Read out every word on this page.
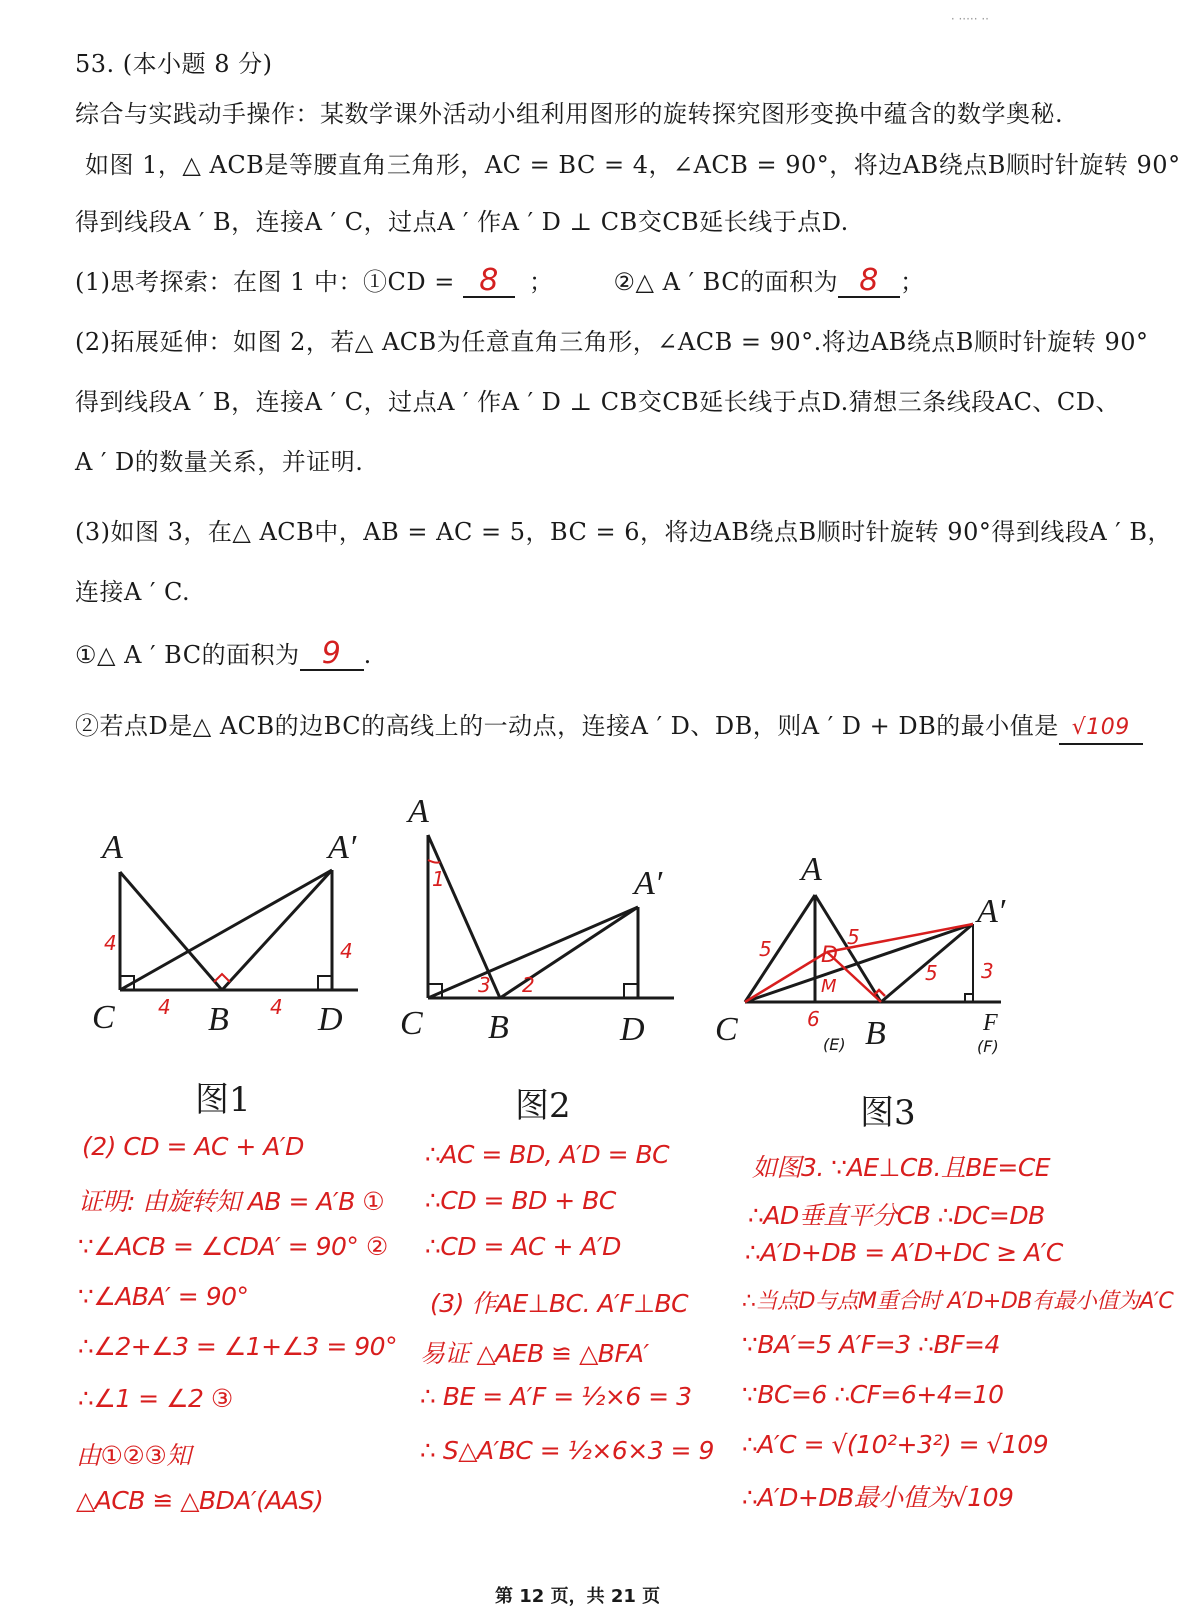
· ····· ··
53. (本小题 8 分)
综合与实践动手操作：某数学课外活动小组利用图形的旋转探究图形变换中蕴含的数学奥秘.
如图 1，△ ACB是等腰直角三角形，AC = BC = 4，∠ACB = 90°，将边AB绕点B顺时针旋转 90°
得到线段A ′ B，连接A ′ C，过点A ′ 作A ′ D ⊥ CB交CB延长线于点D.
(1)思考探索：在图 1 中：①CD = 8 ；	②△ A ′ BC的面积为 8 ；
(2)拓展延伸：如图 2，若△ ACB为任意直角三角形，∠ACB = 90°.将边AB绕点B顺时针旋转 90°
得到线段A ′ B，连接A ′ C，过点A ′ 作A ′ D ⊥ CB交CB延长线于点D.猜想三条线段AC、CD、
A ′ D的数量关系，并证明.
(3)如图 3，在△ ACB中，AB = AC = 5，BC = 6，将边AB绕点B顺时针旋转 90°得到线段A ′ B，
连接A ′ C.
①△ A ′ BC的面积为 9 .
②若点D是△ ACB的边BC的高线上的一动点，连接A ′ D、DB，则A ′ D + DB的最小值是 √109
A	A′
C	B	D
4	4
4	4
图1
A
A′
C B	D
1
3 2
图2
A
A′
C	B	F
5	5
5 3
D
M
6
(E)	(F)
图3
(2) CD = AC + A′D
证明: 由旋转知 AB = A′B ①
∵∠ACB = ∠CDA′ = 90° ②
∵∠ABA′ = 90°
∴∠2+∠3 = ∠1+∠3 = 90°
∴∠1 = ∠2 ③
由①②③知
△ACB ≌ △BDA′(AAS)
∴AC = BD, A′D = BC
∴CD = BD + BC
∴CD = AC + A′D
(3) 作AE⊥BC. A′F⊥BC
易证 △AEB ≌ △BFA′
∴ BE = A′F = ½×6 = 3
∴ S△A′BC = ½×6×3 = 9
如图3. ∵AE⊥CB.且BE=CE
∴AD垂直平分CB ∴DC=DB
∴A′D+DB = A′D+DC ≥ A′C
∴当点D与点M重合时 A′D+DB有最小值为A′C
∵BA′=5 A′F=3 ∴BF=4
∵BC=6 ∴CF=6+4=10
∴A′C = √(10²+3²) = √109
∴A′D+DB最小值为√109
第 12 页，共 21 页
